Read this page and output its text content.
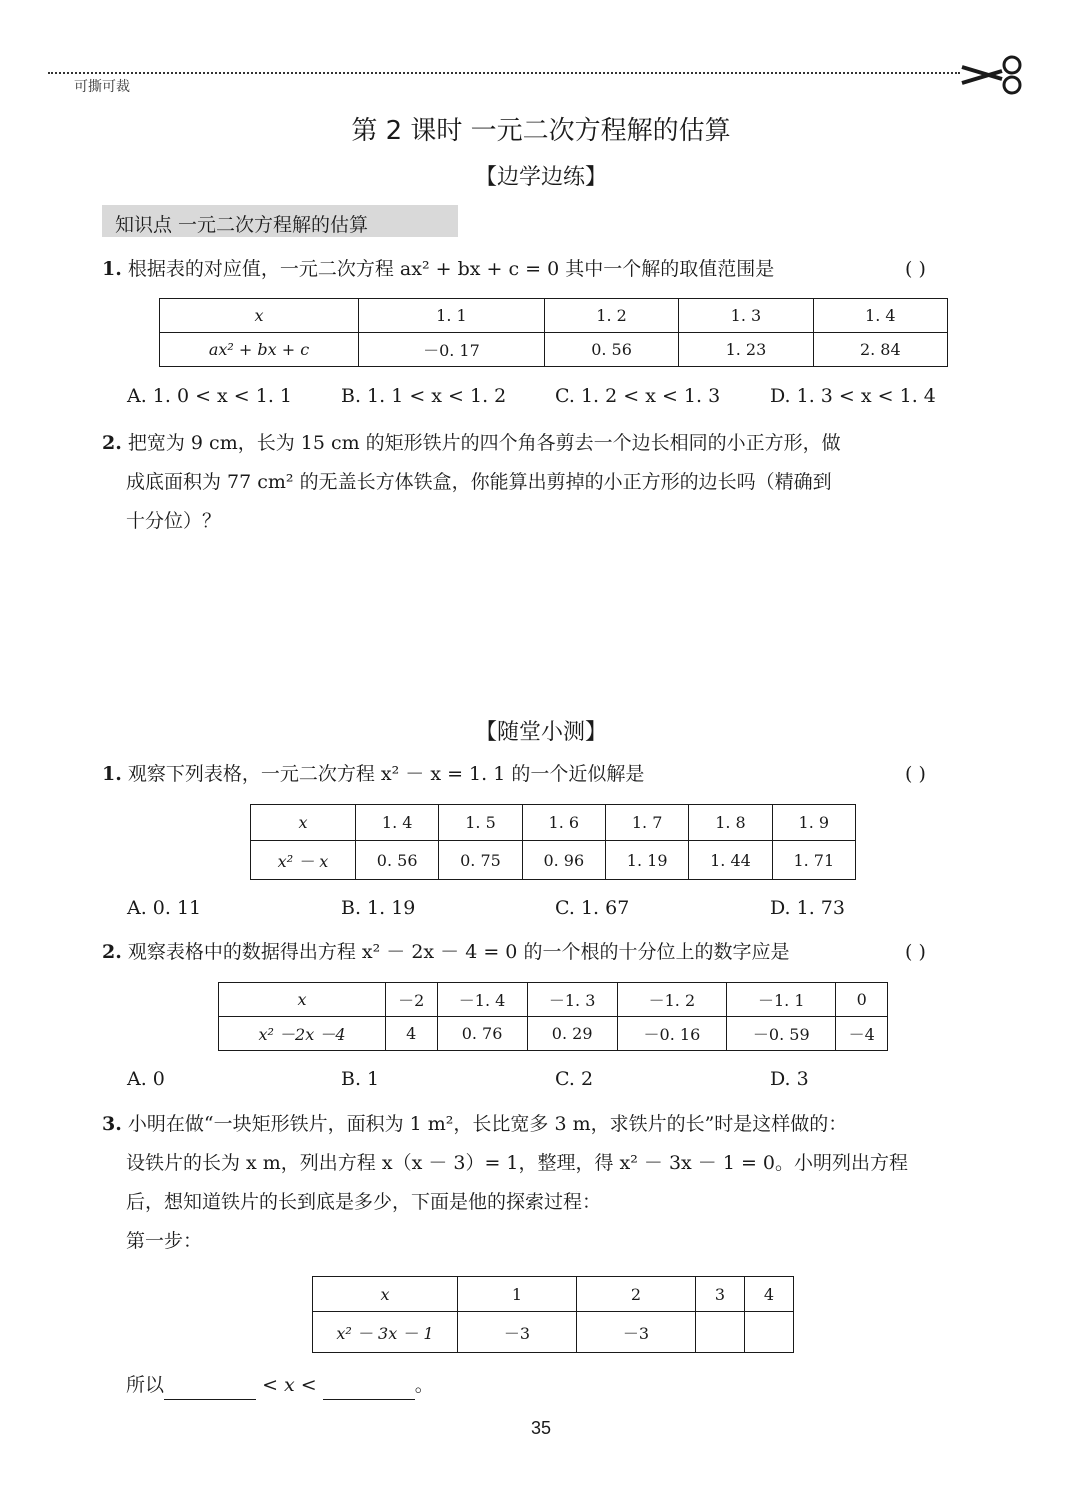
可撕可裁
第 2 课时 一元二次方程解的估算
【边学边练】
知识点 一元二次方程解的估算
1. 根据表的对应值，一元二次方程 ax² + bx + c = 0 其中一个解的取值范围是	( )
x	1. 1	1. 2	1. 3	1. 4
ax² + bx + c	－0. 17	0. 56	1. 23	2. 84
A. 1. 0 < x < 1. 1	B. 1. 1 < x < 1. 2	C. 1. 2 < x < 1. 3	D. 1. 3 < x < 1. 4
2. 把宽为 9 cm，长为 15 cm 的矩形铁片的四个角各剪去一个边长相同的小正方形，做
成底面积为 77 cm² 的无盖长方体铁盒，你能算出剪掉的小正方形的边长吗（精确到
十分位）？
【随堂小测】
1. 观察下列表格，一元二次方程 x² － x = 1. 1 的一个近似解是	( )
x	1. 4	1. 5	1. 6	1. 7	1. 8	1. 9
x² － x	0. 56	0. 75	0. 96	1. 19	1. 44	1. 71
A. 0. 11	B. 1. 19	C. 1. 67	D. 1. 73
2. 观察表格中的数据得出方程 x² － 2x － 4 = 0 的一个根的十分位上的数字应是	( )
x	－2	－1. 4	－1. 3	－1. 2	－1. 1	0
x² －2x －4	4	0. 76	0. 29	－0. 16	－0. 59	－4
A. 0	B. 1	C. 2	D. 3
3. 小明在做“一块矩形铁片，面积为 1 m²，长比宽多 3 m，求铁片的长”时是这样做的：
设铁片的长为 x m，列出方程 x（x － 3）= 1，整理，得 x² － 3x － 1 = 0。小明列出方程
后，想知道铁片的长到底是多少，下面是他的探索过程：
第一步：
x	1	2	3	4
x² － 3x － 1	－3	－3		
所以	< x <	。
35
